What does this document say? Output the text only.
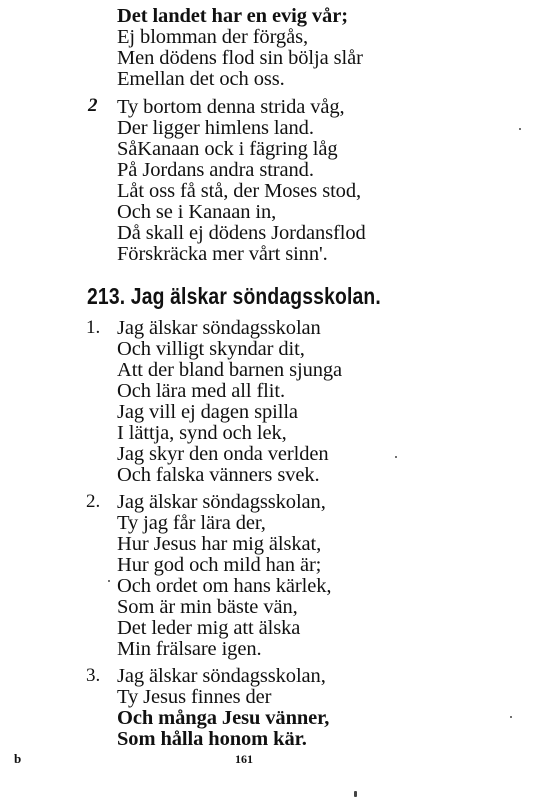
Det landet har en evig vår;
Ej blomman der förgås,
Men dödens flod sin bölja slår
Emellan det och oss.
2 Ty bortom denna strida våg,
Der ligger himlens land.
SåKanaan ock i fägring låg
På Jordans andra strand.
Låt oss få stå, der Moses stod,
Och se i Kanaan in,
Då skall ej dödens Jordansflod
Förskräcka mer vårt sinn'.
213. Jag älskar söndagsskolan.
1. Jag älskar söndagsskolan
Och villigt skyndar dit,
Att der bland barnen sjunga
Och lära med all flit.
Jag vill ej dagen spilla
I lättja, synd och lek,
Jag skyr den onda verlden
Och falska vänners svek.
2. Jag älskar söndagsskolan,
Ty jag får lära der,
Hur Jesus har mig älskat,
Hur god och mild han är;
Och ordet om hans kärlek,
Som är min bäste vän,
Det leder mig att älska
Min frälsare igen.
3. Jag älskar söndagsskolan,
Ty Jesus finnes der
Och många Jesu vänner,
Som hålla honom kär.
b	161
